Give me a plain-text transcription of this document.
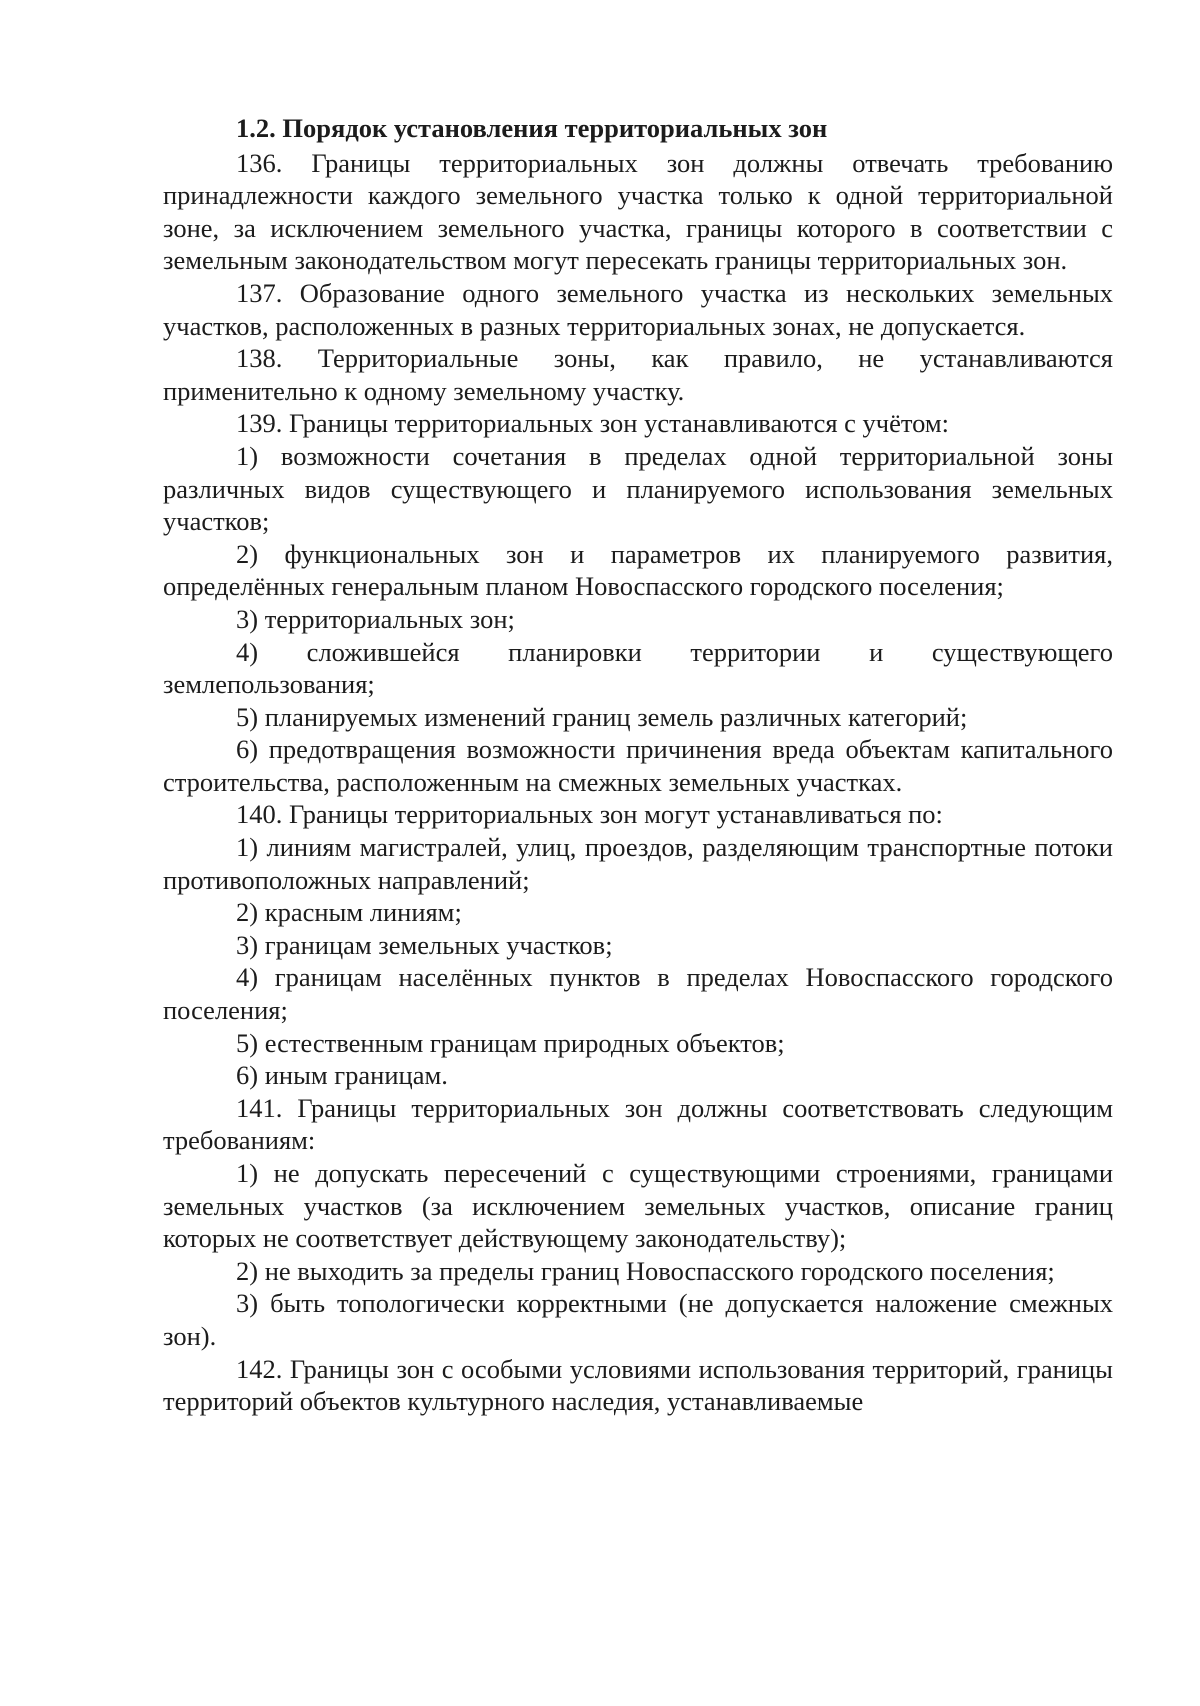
1.2. Порядок установления территориальных зон

136. Границы территориальных зон должны отвечать требованию принадлежности каждого земельного участка только к одной территориальной зоне, за исключением земельного участка, границы которого в соответствии с земельным законодательством могут пересекать границы территориальных зон.

137. Образование одного земельного участка из нескольких земельных участков, расположенных в разных территориальных зонах, не допускается.

138. Территориальные зоны, как правило, не устанавливаются применительно к одному земельному участку.

139. Границы территориальных зон устанавливаются с учётом:

1) возможности сочетания в пределах одной территориальной зоны различных видов существующего и планируемого использования земельных участков;

2) функциональных зон и параметров их планируемого развития, определённых генеральным планом Новоспасского городского поселения;

3) территориальных зон;

4) сложившейся планировки территории и существующего землепользования;

5) планируемых изменений границ земель различных категорий;

6) предотвращения возможности причинения вреда объектам капитального строительства, расположенным на смежных земельных участках.

140. Границы территориальных зон могут устанавливаться по:

1) линиям магистралей, улиц, проездов, разделяющим транспортные потоки противоположных направлений;

2) красным линиям;

3) границам земельных участков;

4) границам населённых пунктов в пределах Новоспасского городского поселения;

5) естественным границам природных объектов;

6) иным границам.

141. Границы территориальных зон должны соответствовать следующим требованиям:

1) не допускать пересечений с существующими строениями, границами земельных участков (за исключением земельных участков, описание границ которых не соответствует действующему законодательству);

2) не выходить за пределы границ Новоспасского городского поселения;

3) быть топологически корректными (не допускается наложение смежных зон).

142. Границы зон с особыми условиями использования территорий, границы территорий объектов культурного наследия, устанавливаемые
